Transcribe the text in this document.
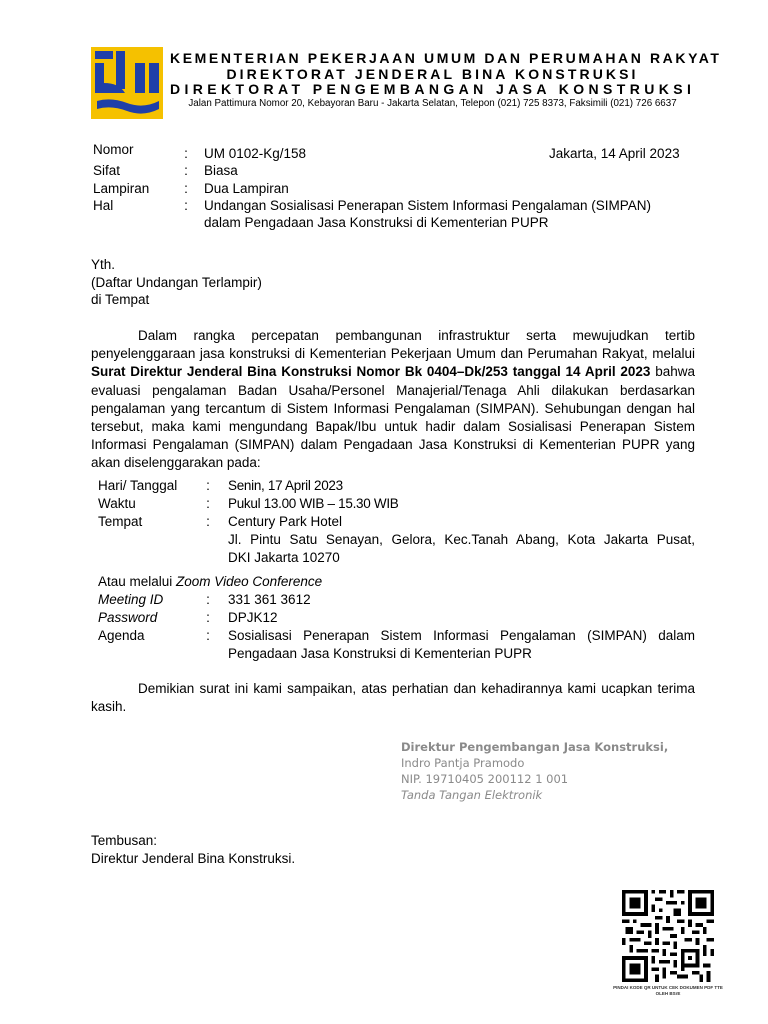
KEMENTERIAN PEKERJAAN UMUM DAN PERUMAHAN RAKYAT
DIREKTORAT JENDERAL BINA KONSTRUKSI
DIREKTORAT PENGEMBANGAN JASA KONSTRUKSI
Jalan Pattimura Nomor 20, Kebayoran Baru - Jakarta Selatan, Telepon (021) 725 8373, Faksimili (021) 726 6637
Nomor	: UM 0102-Kg/158	Jakarta, 14 April 2023
Sifat	: Biasa
Lampiran	: Dua Lampiran
Hal	: Undangan Sosialisasi Penerapan Sistem Informasi Pengalaman (SIMPAN)
dalam Pengadaan Jasa Konstruksi di Kementerian PUPR
Yth.
(Daftar Undangan Terlampir)
di Tempat
Dalam rangka percepatan pembangunan infrastruktur serta mewujudkan tertib penyelenggaraan jasa konstruksi di Kementerian Pekerjaan Umum dan Perumahan Rakyat, melalui Surat Direktur Jenderal Bina Konstruksi Nomor Bk 0404–Dk/253 tanggal 14 April 2023 bahwa evaluasi pengalaman Badan Usaha/Personel Manajerial/Tenaga Ahli dilakukan berdasarkan pengalaman yang tercantum di Sistem Informasi Pengalaman (SIMPAN). Sehubungan dengan hal tersebut, maka kami mengundang Bapak/Ibu untuk hadir dalam Sosialisasi Penerapan Sistem Informasi Pengalaman (SIMPAN) dalam Pengadaan Jasa Konstruksi di Kementerian PUPR yang akan diselenggarakan pada:
Hari/ Tanggal : Senin, 17 April 2023
Waktu	: Pukul 13.00 WIB – 15.30 WIB
Tempat	: Century Park Hotel
Jl. Pintu Satu Senayan, Gelora, Kec.Tanah Abang, Kota Jakarta Pusat,
DKI Jakarta 10270
Atau melalui Zoom Video Conference
Meeting ID	: 331 361 3612
Password	: DPJK12
Agenda	: Sosialisasi Penerapan Sistem Informasi Pengalaman (SIMPAN) dalam
Pengadaan Jasa Konstruksi di Kementerian PUPR
Demikian surat ini kami sampaikan, atas perhatian dan kehadirannya kami ucapkan terima kasih.
Direktur Pengembangan Jasa Konstruksi,
Indro Pantja Pramodo
NIP. 19710405 200112 1 001
Tanda Tangan Elektronik
Tembusan:
Direktur Jenderal Bina Konstruksi.
PINDAI KODE QR UNTUK CEK DOKUMEN PDF TTE OLEH BSrE
